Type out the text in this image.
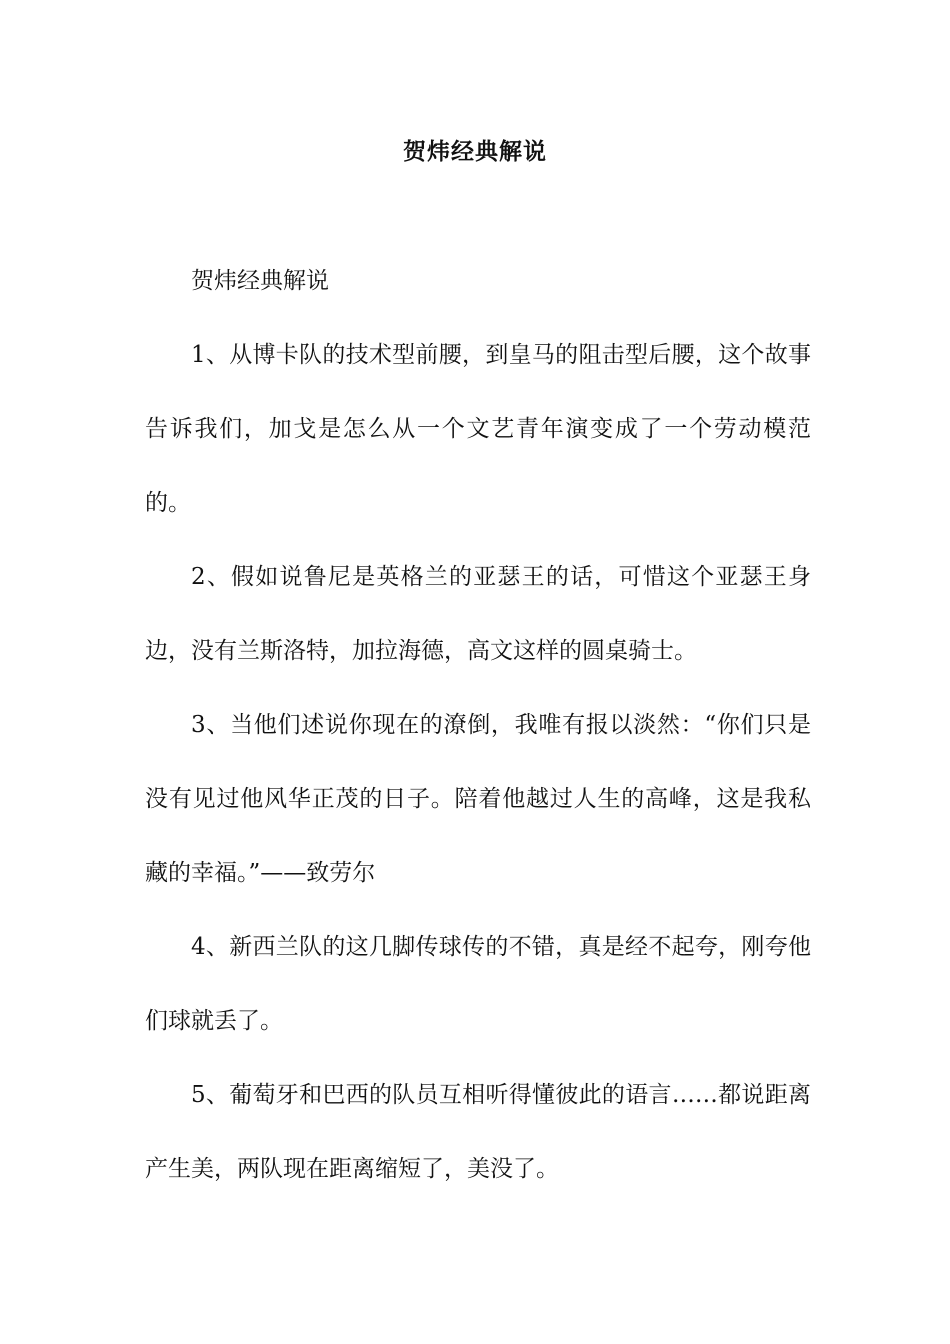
贺炜经典解说

贺炜经典解说

1、从博卡队的技术型前腰，到皇马的阻击型后腰，这个故事告诉我们，加戈是怎么从一个文艺青年演变成了一个劳动模范的。

2、假如说鲁尼是英格兰的亚瑟王的话，可惜这个亚瑟王身边，没有兰斯洛特，加拉海德，高文这样的圆桌骑士。

3、当他们述说你现在的潦倒，我唯有报以淡然：“你们只是没有见过他风华正茂的日子。陪着他越过人生的高峰，这是我私藏的幸福。”——致劳尔

4、新西兰队的这几脚传球传的不错，真是经不起夸，刚夸他们球就丢了。

5、葡萄牙和巴西的队员互相听得懂彼此的语言……都说距离产生美，两队现在距离缩短了，美没了。
